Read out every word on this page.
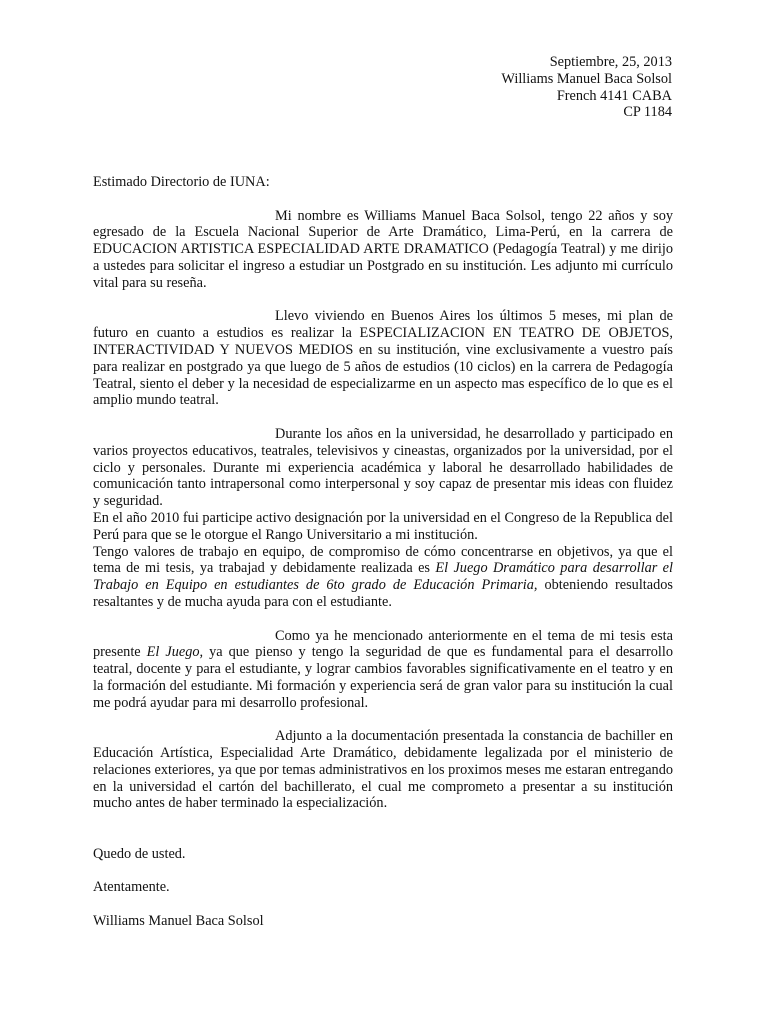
Septiembre, 25, 2013
Williams Manuel Baca Solsol
French 4141 CABA
CP 1184

Estimado Directorio de IUNA:

Mi nombre es Williams Manuel Baca Solsol, tengo 22 años y soy egresado de la Escuela Nacional Superior de Arte Dramático, Lima-Perú, en la carrera de EDUCACION ARTISTICA ESPECIALIDAD ARTE DRAMATICO (Pedagogía Teatral) y me dirijo a ustedes para solicitar el ingreso a estudiar un Postgrado en su institución. Les adjunto mi currículo vital para su reseña.

Llevo viviendo en Buenos Aires los últimos 5 meses, mi plan de futuro en cuanto a estudios es realizar la ESPECIALIZACION EN TEATRO DE OBJETOS, INTERACTIVIDAD Y NUEVOS MEDIOS en su institución, vine exclusivamente a vuestro país para realizar en postgrado ya que luego de 5 años de estudios (10 ciclos) en la carrera de Pedagogía Teatral, siento el deber y la necesidad de especializarme en un aspecto mas específico de lo que es el amplio mundo teatral.

Durante los años en la universidad, he desarrollado y participado en varios proyectos educativos, teatrales, televisivos y cineastas, organizados por la universidad, por el ciclo y personales. Durante mi experiencia académica y laboral he desarrollado habilidades de comunicación tanto intrapersonal como interpersonal y soy capaz de presentar mis ideas con fluidez y seguridad.

En el año 2010 fui participe activo designación por la universidad en el Congreso de la Republica del Perú para que se le otorgue el Rango Universitario a mi institución.

Tengo valores de trabajo en equipo, de compromiso de cómo concentrarse en objetivos, ya que el tema de mi tesis, ya trabajad y debidamente realizada es El Juego Dramático para desarrollar el Trabajo en Equipo en estudiantes de 6to grado de Educación Primaria, obteniendo resultados resaltantes y de mucha ayuda para con el estudiante.

Como ya he mencionado anteriormente en el tema de mi tesis esta presente El Juego, ya que pienso y tengo la seguridad de que es fundamental para el desarrollo teatral, docente y para el estudiante, y lograr cambios favorables significativamente en el teatro y en la formación del estudiante. Mi formación y experiencia será de gran valor para su institución la cual me podrá ayudar para mi desarrollo profesional.

Adjunto a la documentación presentada la constancia de bachiller en Educación Artística, Especialidad Arte Dramático, debidamente legalizada por el ministerio de relaciones exteriores, ya que por temas administrativos en los proximos meses me estaran entregando en la universidad el cartón del bachillerato, el cual me comprometo a presentar a su institución mucho antes de haber terminado la especialización.

Quedo de usted.

Atentamente.

Williams Manuel Baca Solsol
